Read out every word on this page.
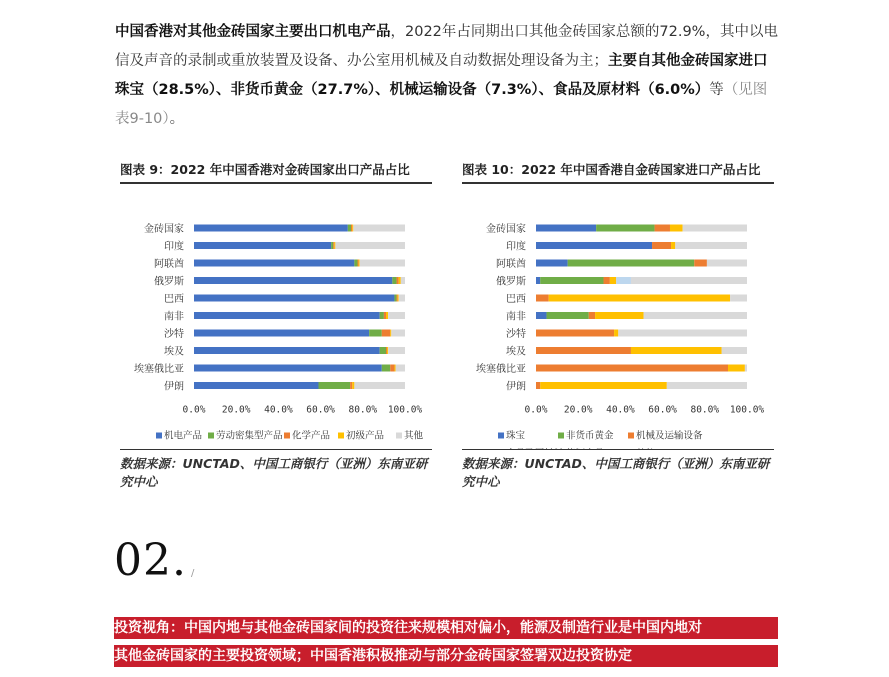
中国香港对其他金砖国家主要出口机电产品，2022年占同期出口其他金砖国家总额的72.9%，其中以电信及声音的录制或重放装置及设备、办公室用机械及自动数据处理设备为主；主要自其他金砖国家进口珠宝（28.5%）、非货币黄金（27.7%）、机械运输设备（7.3%）、食品及原材料（6.0%）等（见图表9-10）。
图表 9：2022 年中国香港对金砖国家出口产品占比
金砖国家
印度
阿联酋
俄罗斯
巴西
南非
沙特
埃及
埃塞俄比亚
伊朗
0.0% 20.0% 40.0% 60.0% 80.0% 100.0%
机电产品 劳动密集型产品 化学产品 初级产品 其他
数据来源：UNCTAD、中国工商银行（亚洲）东南亚研究中心
图表 10：2022 年中国香港自金砖国家进口产品占比
金砖国家
印度
阿联酋
俄罗斯
巴西
南非
沙特
埃及
埃塞俄比亚
伊朗
0.0% 20.0% 40.0% 60.0% 80.0% 100.0%
珠宝	非货币黄金 机械及运输设备
数据来源：UNCTAD、中国工商银行（亚洲）东南亚研究中心
02. /
投资视角：中国内地与其他金砖国家间的投资往来规模相对偏小，能源及制造行业是中国内地对
其他金砖国家的主要投资领域；中国香港积极推动与部分金砖国家签署双边投资协定
